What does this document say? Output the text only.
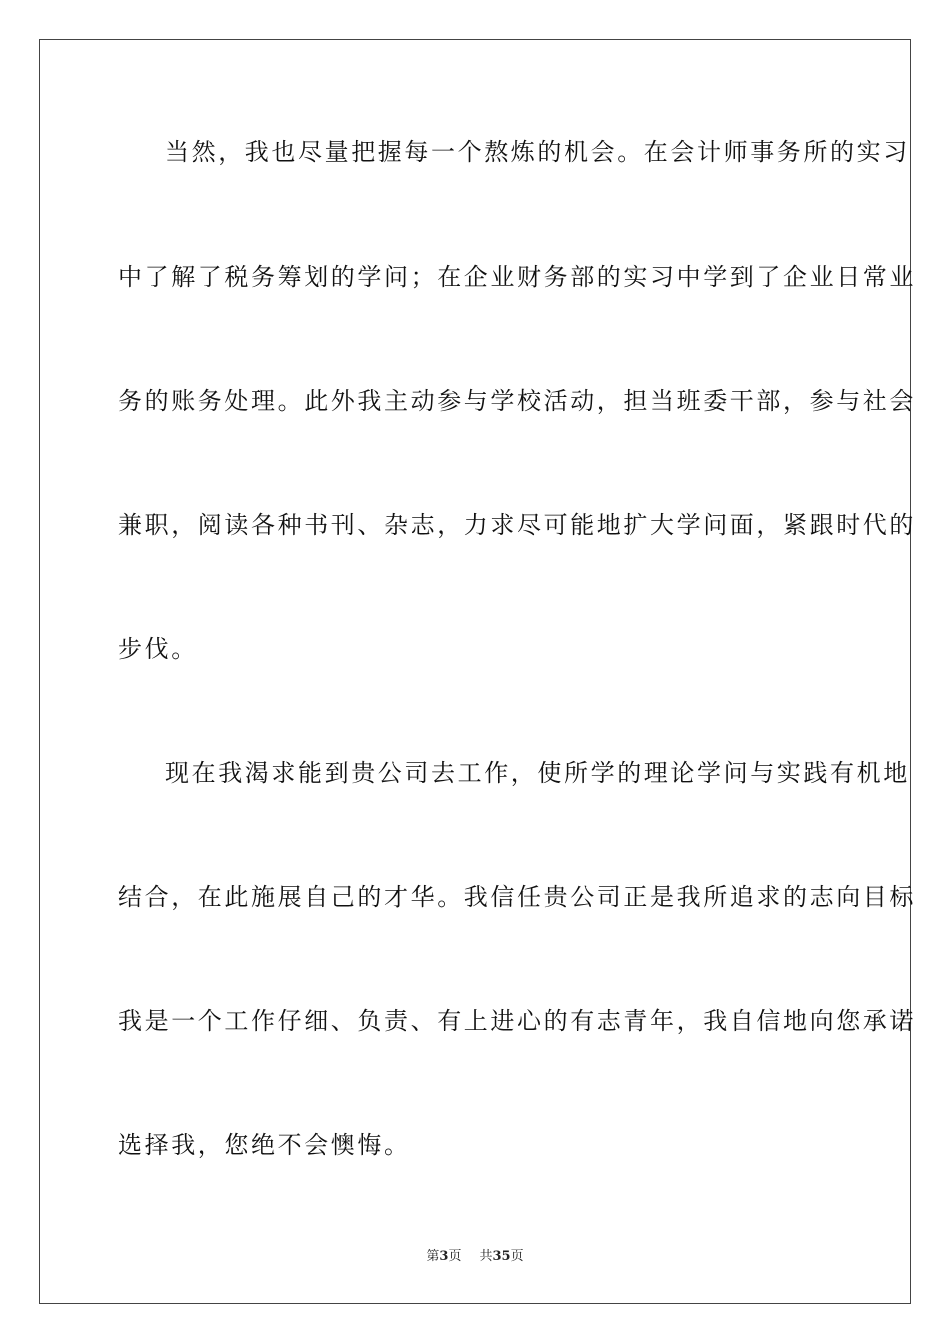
当然，我也尽量把握每一个熬炼的机会。在会计师事务所的实习
中了解了税务筹划的学问；在企业财务部的实习中学到了企业日常业
务的账务处理。此外我主动参与学校活动，担当班委干部，参与社会
兼职，阅读各种书刊、杂志，力求尽可能地扩大学问面，紧跟时代的
步伐。
现在我渴求能到贵公司去工作，使所学的理论学问与实践有机地
结合，在此施展自己的才华。我信任贵公司正是我所追求的志向目标
我是一个工作仔细、负责、有上进心的有志青年，我自信地向您承诺
选择我，您绝不会懊悔。
第3页 共35页
